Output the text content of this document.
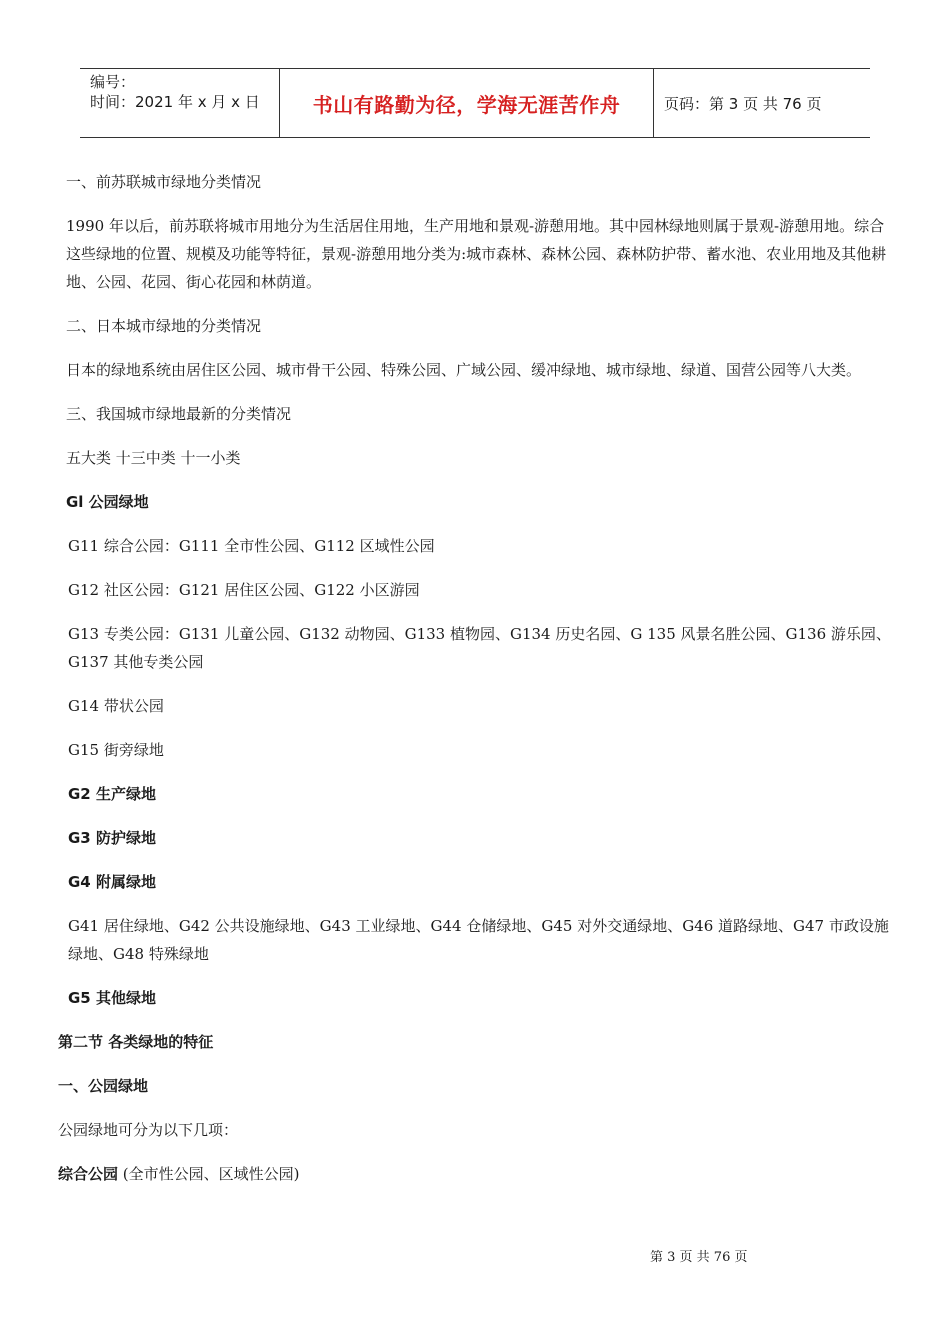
编号：
时间：2021 年 x 月 x 日	书山有路勤为径，学海无涯苦作舟	页码：第 3 页 共 76 页

一、前苏联城市绿地分类情况

1990 年以后，前苏联将城市用地分为生活居住用地，生产用地和景观-游憩用地。其中园林绿地则属于景观-游憩用地。综合这些绿地的位置、规模及功能等特征，景观-游憩用地分类为:城市森林、森林公园、森林防护带、蓄水池、农业用地及其他耕地、公园、花园、街心花园和林荫道。

二、日本城市绿地的分类情况

日本的绿地系统由居住区公园、城市骨干公园、特殊公园、广域公园、缓冲绿地、城市绿地、绿道、国营公园等八大类。

三、我国城市绿地最新的分类情况

五大类 十三中类 十一小类

Gl 公园绿地

G11 综合公园：G111 全市性公园、G112 区域性公园

G12 社区公园：G121 居住区公园、G122 小区游园

G13 专类公园：G131 儿童公园、G132 动物园、G133 植物园、G134 历史名园、G 135 风景名胜公园、G136 游乐园、G137 其他专类公园

G14 带状公园

G15 街旁绿地

G2 生产绿地

G3 防护绿地

G4 附属绿地

G41 居住绿地、G42 公共设施绿地、G43 工业绿地、G44 仓储绿地、G45 对外交通绿地、G46 道路绿地、G47 市政设施绿地、G48 特殊绿地

G5 其他绿地

第二节 各类绿地的特征

一、公园绿地

公园绿地可分为以下几项：

综合公园 (全市性公园、区域性公园)

第 3 页 共 76 页
